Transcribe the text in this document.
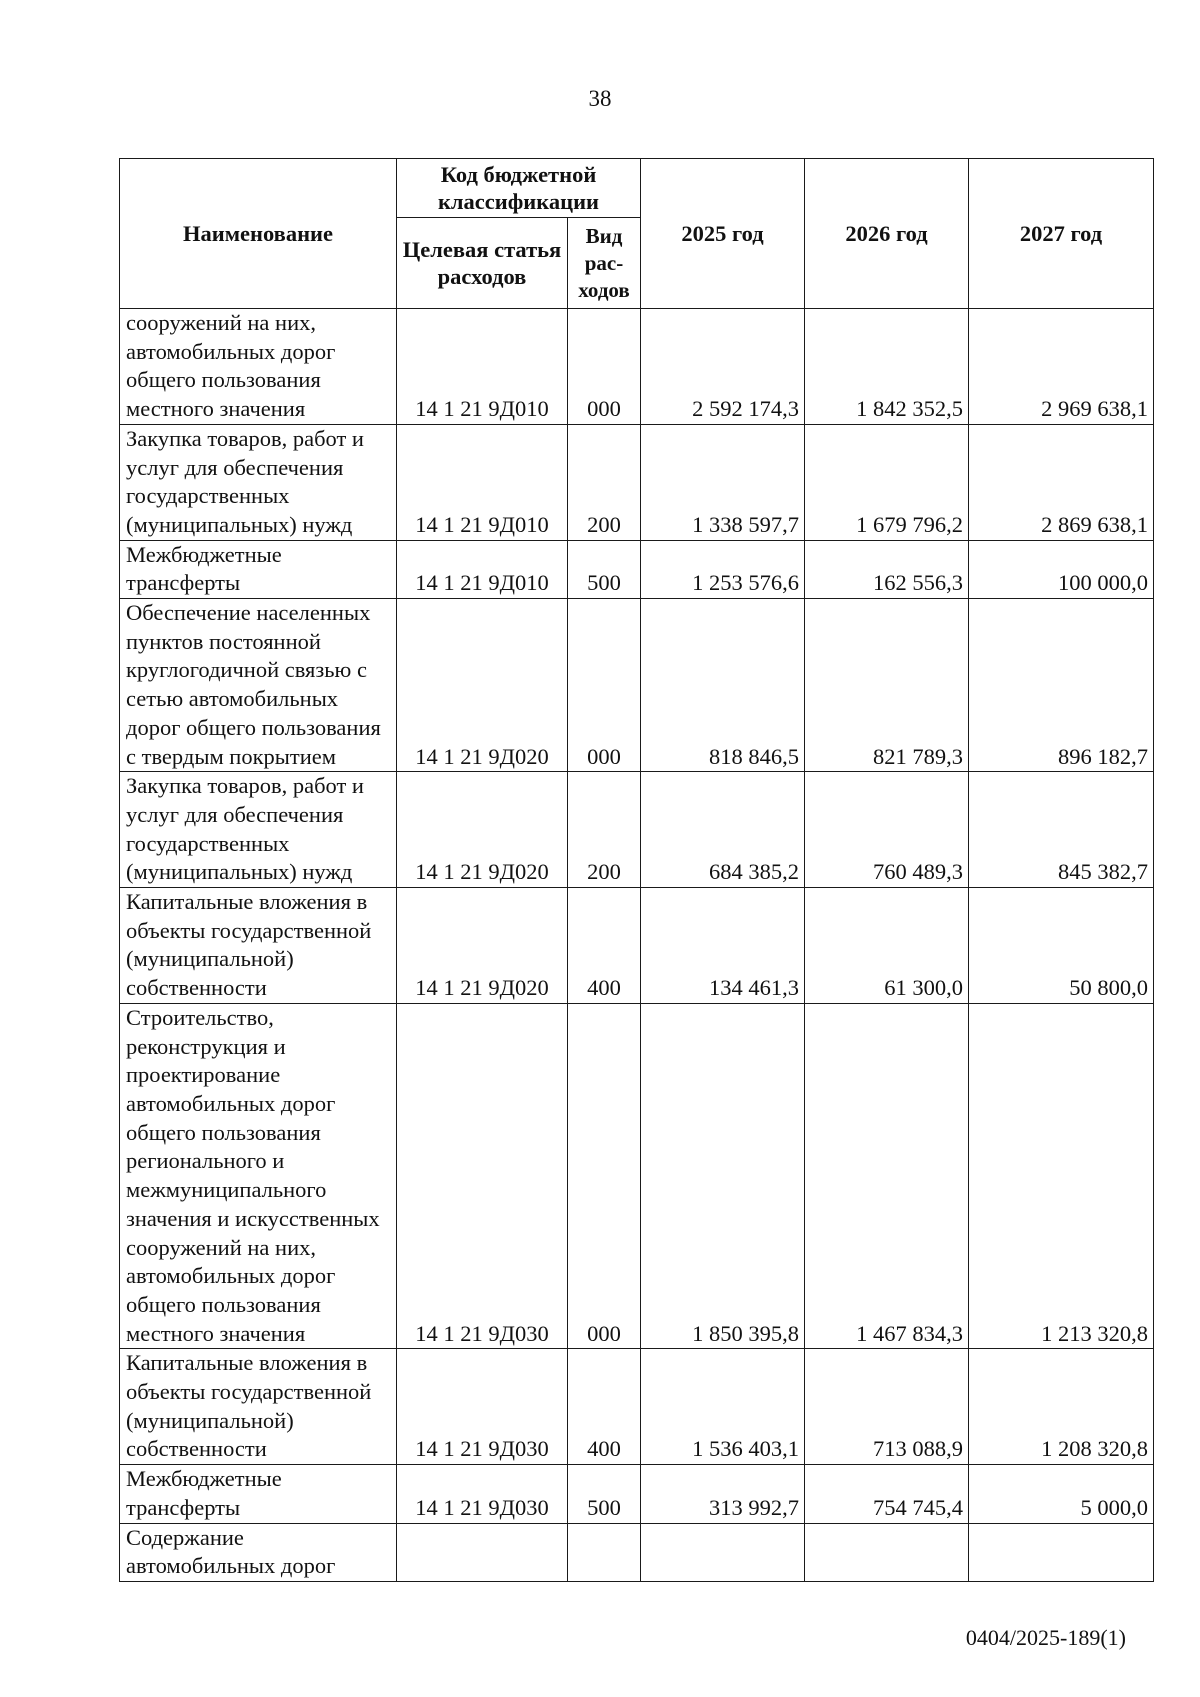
38
Наименование	Код бюджетной классификации		2025 год	2026 год	2027 год
	Целевая статья расходов	Вид рас-ходов			
сооружений на них, автомобильных дорог общего пользования местного значения	14 1 21 9Д010	000	2 592 174,3	1 842 352,5	2 969 638,1
Закупка товаров, работ и услуг для обеспечения государственных (муниципальных) нужд	14 1 21 9Д010	200	1 338 597,7	1 679 796,2	2 869 638,1
Межбюджетные трансферты	14 1 21 9Д010	500	1 253 576,6	162 556,3	100 000,0
Обеспечение населенных пунктов постоянной круглогодичной связью с сетью автомобильных дорог общего пользования с твердым покрытием	14 1 21 9Д020	000	818 846,5	821 789,3	896 182,7
Закупка товаров, работ и услуг для обеспечения государственных (муниципальных) нужд	14 1 21 9Д020	200	684 385,2	760 489,3	845 382,7
Капитальные вложения в объекты государственной (муниципальной) собственности	14 1 21 9Д020	400	134 461,3	61 300,0	50 800,0
Строительство, реконструкция и проектирование автомобильных дорог общего пользования регионального и межмуниципального значения и искусственных сооружений на них, автомобильных дорог общего пользования местного значения	14 1 21 9Д030	000	1 850 395,8	1 467 834,3	1 213 320,8
Капитальные вложения в объекты государственной (муниципальной) собственности	14 1 21 9Д030	400	1 536 403,1	713 088,9	1 208 320,8
Межбюджетные трансферты	14 1 21 9Д030	500	313 992,7	754 745,4	5 000,0
Содержание автомобильных дорог					
0404/2025-189(1)
